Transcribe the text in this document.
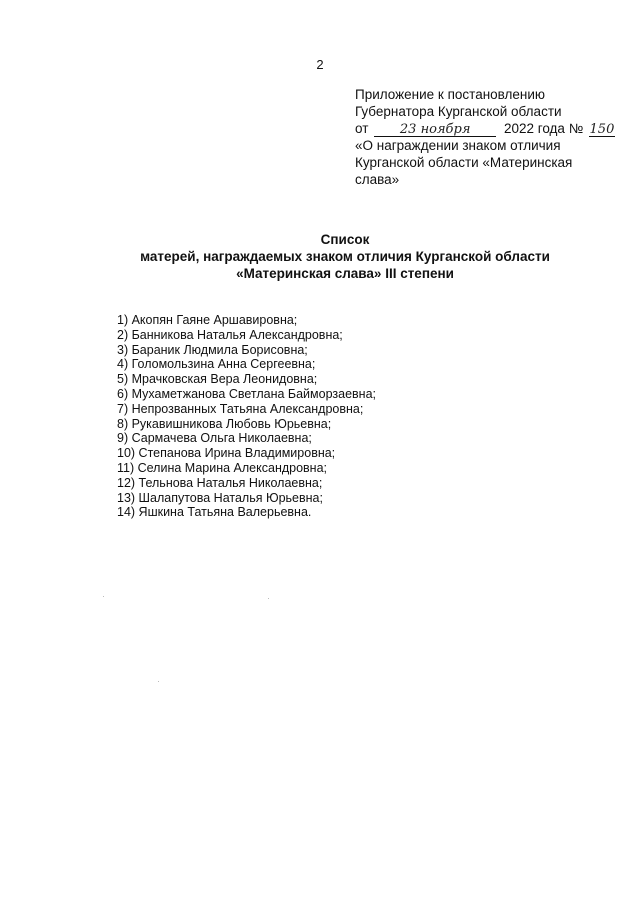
2
Приложение к постановлению
Губернатора Курганской области
от 23 ноября 2022 года № 150
«О награждении знаком отличия
Курганской области «Материнская
слава»
Список
матерей, награждаемых знаком отличия Курганской области
«Материнская слава» III степени
1) Акопян Гаяне Аршавировна;
2) Банникова Наталья Александровна;
3) Бараник Людмила Борисовна;
4) Голомользина Анна Сергеевна;
5) Мрачковская Вера Леонидовна;
6) Мухаметжанова Светлана Байморзаевна;
7) Непрозванных Татьяна Александровна;
8) Рукавишникова Любовь Юрьевна;
9) Сармачева Ольга Николаевна;
10) Степанова Ирина Владимировна;
11) Селина Марина Александровна;
12) Тельнова Наталья Николаевна;
13) Шалапутова Наталья Юрьевна;
14) Яшкина Татьяна Валерьевна.
